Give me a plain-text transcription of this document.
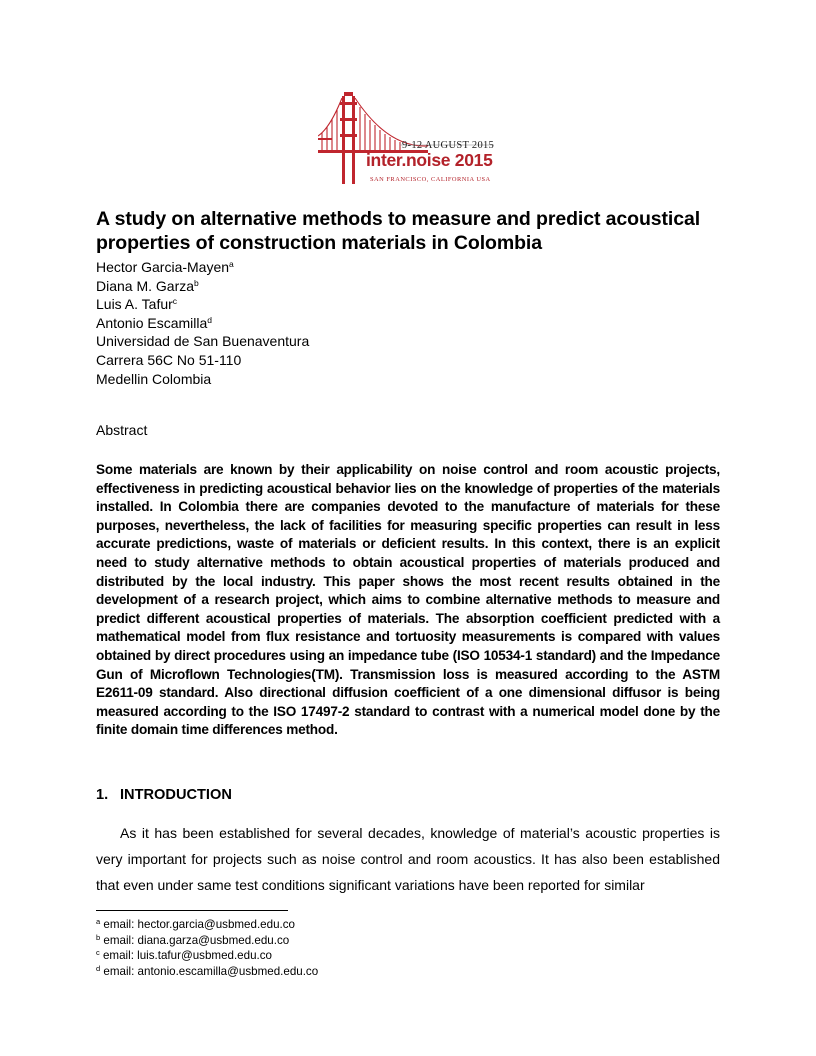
9-12 AUGUST 2015
inter.noise 2015
SAN FRANCISCO, CALIFORNIA USA
A study on alternative methods to measure and predict acoustical properties of construction materials in Colombia
Hector Garcia-Mayen$^a$
Diana M. Garza$^b$
Luis A. Tafur$^c$
Antonio Escamilla$^d$
Universidad de San Buenaventura
Carrera 56C No 51-110
Medellin Colombia
Abstract
Some materials are known by their applicability on noise control and room acoustic projects, effectiveness in predicting acoustical behavior lies on the knowledge of properties of the materials installed. In Colombia there are companies devoted to the manufacture of materials for these purposes, nevertheless, the lack of facilities for measuring specific properties can result in less accurate predictions, waste of materials or deficient results. In this context, there is an explicit need to study alternative methods to obtain acoustical properties of materials produced and distributed by the local industry. This paper shows the most recent results obtained in the development of a research project, which aims to combine alternative methods to measure and predict different acoustical properties of materials. The absorption coefficient predicted with a mathematical model from flux resistance and tortuosity measurements is compared with values obtained by direct procedures using an impedance tube (ISO 10534-1 standard) and the Impedance Gun of Microflown Technologies(TM). Transmission loss is measured according to the ASTM E2611-09 standard. Also directional diffusion coefficient of a one dimensional diffusor is being measured according to the ISO 17497-2 standard to contrast with a numerical model done by the finite domain time differences method.
1. INTRODUCTION
As it has been established for several decades, knowledge of material’s acoustic properties is very important for projects such as noise control and room acoustics. It has also been established that even under same test conditions significant variations have been reported for similar
$^a$ email: hector.garcia@usbmed.edu.co
$^b$ email: diana.garza@usbmed.edu.co
$^c$ email: luis.tafur@usbmed.edu.co
$^d$ email: antonio.escamilla@usbmed.edu.co
